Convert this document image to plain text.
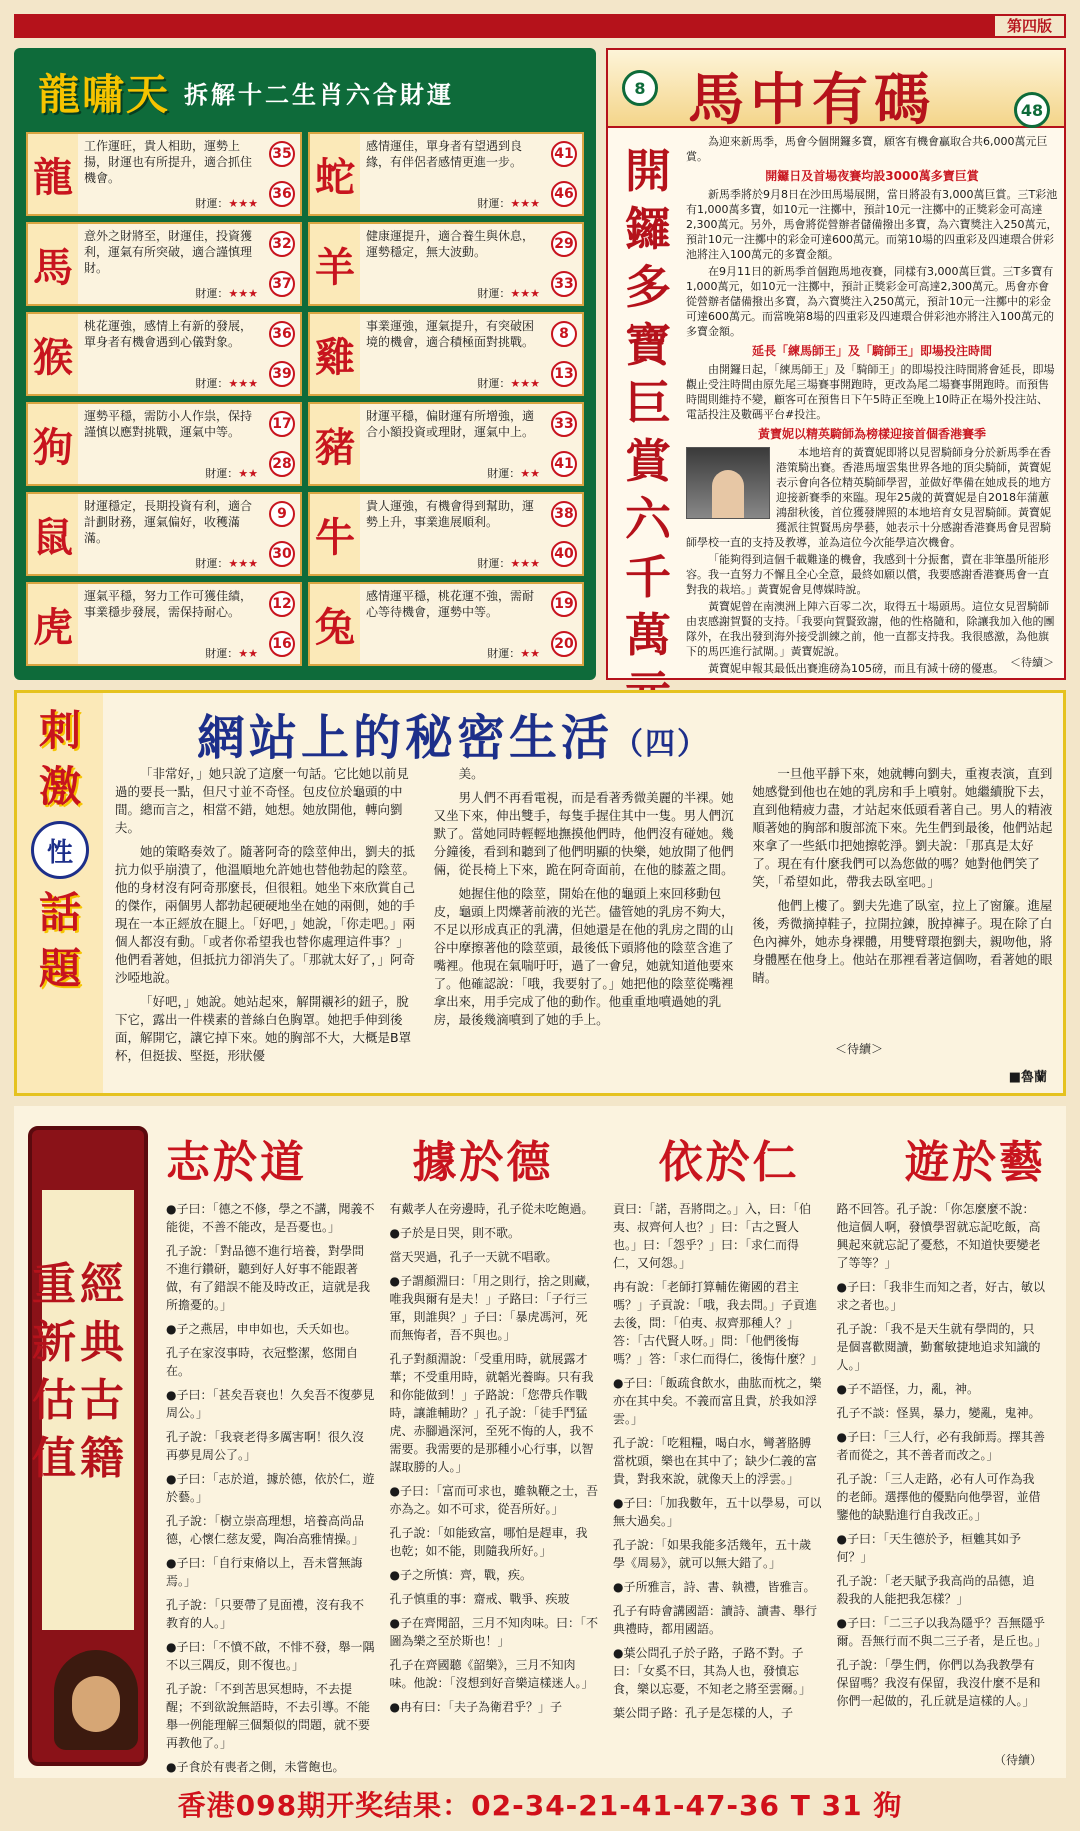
第四版
龍嘯天 拆解十二生肖六合財運
龍
工作運旺，貴人相助，運勢上揚，財運也有所提升，適合抓住機會。
財運：★★★
35
36 蛇
感情運佳，單身者有望遇到良緣，有伴侶者感情更進一步。
財運：★★★
41
46
馬
意外之財將至，財運佳，投資獲利，運氣有所突破，適合謹慎理財。
財運：★★★
32
37 羊
健康運提升，適合養生與休息，運勢穩定，無大波動。
財運：★★★
29
33
猴
桃花運強，感情上有新的發展，單身者有機會遇到心儀對象。
財運：★★★
36
39 雞
事業運強，運氣提升，有突破困境的機會，適合積極面對挑戰。
財運：★★★
8
13
狗
運勢平穩，需防小人作祟，保持謹慎以應對挑戰，運氣中等。
財運：★★
17
28 豬
財運平穩，偏財運有所增強，適合小額投資或理財，運氣中上。
財運：★★
33
41
鼠
財運穩定，長期投資有利，適合計劃財務，運氣偏好，收穫滿滿。
財運：★★★
9
30 牛
貴人運強，有機會得到幫助，運勢上升，事業進展順利。
財運：★★★
38
40
虎
運氣平穩，努力工作可獲佳績，事業穩步發展，需保持耐心。
財運：★★
12
16 兔
感情運平穩，桃花運不強，需耐心等待機會，運勢中等。
財運：★★
19
20
8 馬中有碼	48
開鑼多寶巨賞六千萬

為迎來新馬季，馬會今個開鑼多寶，願客有機會贏取合共6,000萬元巨賞。

開鑼日及首場夜賽均設3000萬多寶巨賞

新馬季將於9月8日在沙田馬場展開，當日將設有3,000萬巨賞。三T彩池有1,000萬多寶，如10元一注擲中，預計10元一注擲中的正獎彩金可高達2,300萬元。另外，馬會將從營辦者儲備撥出多寶，為六寶獎注入250萬元，預計10元一注擲中的彩金可達600萬元。而第10場的四重彩及四連環合併彩池將注入100萬元的多寶金額。

在9月11日的新馬季首個跑馬地夜賽，同樣有3,000萬巨賞。三T多寶有1,000萬元，如10元一注擲中，預計正獎彩金可高達2,300萬元。馬會亦會從營辦者儲備撥出多寶，為六寶獎注入250萬元，預計10元一注擲中的彩金可達600萬元。而當晚第8場的四重彩及四連環合併彩池亦將注入100萬元的多寶金額。

延長「練馬師王」及「騎師王」即場投注時間

由開鑼日起，「練馬師王」及「騎師王」的即場投注時間將會延長，即場觀止受注時間由原先尾三場賽事開跑時，更改為尾二場賽事開跑時。而預售時間則維持不變，顧客可在預售日下午5時正至晚上10時正在場外投注站、電話投注及數碼平台#投注。

黃寶妮以精英騎師為榜樣迎接首個香港賽季

本地培育的黃寶妮即將以見習騎師身分於新馬季在香港策騎出賽。香港馬壇雲集世界各地的頂尖騎師，黃寶妮表示會向各位精英騎師學習，並做好準備在她成長的地方迎接新賽季的來臨。現年25歲的黃寶妮是自2018年蒲蕙鴻甜秋後，首位獲發牌照的本地培育女見習騎師。黃寶妮獲派往賀賢馬房學藝，她表示十分感謝香港賽馬會見習騎師學校一直的支持及教導，並為這位今次能學這次機會。

「能夠得到這個千載難逢的機會，我感到十分振奮，賣在非筆墨所能形容。我一直努力不懈且全心全意，最終如願以償，我要感謝香港賽馬會一直對我的栽培。」黃寶妮會見傳媒時說。

黃寶妮曾在南澳洲上陣六百零二次，取得五十場頭馬。這位女見習騎師由衷感謝賀賢的支持。「我要向賀賢致謝，他的性格隨和，除讓我加入他的團隊外，在我出發到海外接受訓練之前，他一直都支持我。我很感激，為他旗下的馬匹進行試閘。」黃寶妮說。

黃寶妮申報其最低出賽進磅為105磅，而且有減十磅的優惠。 ＜待續＞
刺
激
性
話
題
網站上的秘密生活（四）

「非常好，」她只說了這麼一句話。它比她以前見過的要長一點，但尺寸並不奇怪。包皮位於龜頭的中間。總而言之，相當不錯，她想。她放開他，轉向劉夫。

她的策略奏效了。隨著阿奇的陰莖伸出，劉夫的抵抗力似乎崩潰了，他溫順地允許她也替他勃起的陰莖。他的身材沒有阿奇那麼長，但很粗。她坐下來欣賞自己的傑作，兩個男人都勃起硬硬地坐在她的兩側，她的手現在一本正經放在腿上。「好吧，」她說，「你走吧。」兩個人都沒有動。「或者你希望我也替你處理這件事？」他們看著她，但抵抗力卻消失了。「那就太好了，」阿奇沙啞地說。

「好吧，」她說。她站起來，解開襯衫的鈕子，脫下它，露出一件樸素的普絲白色胸罩。她把手伸到後面，解開它，讓它掉下來。她的胸部不大，大概是B罩杯，但挺拔、堅挺，形狀優

美。

男人們不再看電視，而是看著秀微美麗的半裸。她又坐下來，伸出雙手，每隻手握住其中一隻。男人們沉默了。當她同時輕輕地撫摸他們時，他們沒有碰她。幾分鐘後，看到和聽到了他們明顯的快樂，她放開了他們倆，從長椅上下來，跪在阿奇面前，在他的膝蓋之間。

她握住他的陰莖，開始在他的龜頭上來回移動包皮，龜頭上閃爍著前液的光芒。儘管她的乳房不夠大，不足以形成真正的乳溝，但她還是在他的乳房之間的山谷中摩擦著他的陰莖頭，最後低下頭將他的陰莖含進了嘴裡。他現在氣喘吁吁，過了一會兒，她就知道他要來了。他確認說：「哦，我要射了。」她把他的陰莖從嘴裡拿出來，用手完成了他的動作。他重重地噴過她的乳房，最後幾滴噴到了她的手上。

一旦他平靜下來，她就轉向劉夫，重複表演，直到她感覺到他也在她的乳房和手上噴射。她繼續脫下去，直到他精疲力盡，才站起來低頭看著自己。男人的精液順著她的胸部和腹部流下來。先生們到最後，他們站起來拿了一些紙巾把她擦乾淨。劉夫說：「那真是太好了。現在有什麼我們可以為您做的嗎？她對他們笑了笑，「希望如此，帶我去臥室吧。」

他們上樓了。劉夫先進了臥室，拉上了窗簾。進屋後，秀微摘掉鞋子，拉開拉鍊，脫掉褲子。現在除了白色內褲外，她赤身裸體，用雙臂環抱劉夫，親吻他，將身體壓在他身上。他站在那裡看著這個吻，看著她的眼睛。

＜待續＞
■魯蘭
經
典
古
籍
重
新
估
值
志於道 據於德 依於仁 遊於藝

●子曰：「德之不修，學之不講，聞義不能徙，不善不能改，是吾憂也。」

孔子說：「對品德不進行培養，對學問不進行鑽研，聽到好人好事不能跟著做，有了錯誤不能及時改正，這就是我所擔憂的。」

●子之燕居，申申如也，夭夭如也。

孔子在家沒事時，衣冠整潔，悠閒自在。

●子曰：「甚矣吾衰也！久矣吾不復夢見周公。」

孔子說：「我衰老得多厲害啊！很久沒再夢見周公了。」

●子曰：「志於道，據於德，依於仁，遊於藝。」

孔子說：「樹立崇高理想，培養高尚品德，心懷仁慈友愛，陶冶高雅情操。」

●子曰：「自行束脩以上，吾未嘗無誨焉。」

孔子說：「只要帶了見面禮，沒有我不教育的人。」

●子曰：「不憤不啟，不悱不發，舉一隅不以三隅反，則不復也。」

孔子說：「不到苦思冥想時，不去提醒；不到欲說無語時，不去引導。不能舉一例能理解三個類似的問題，就不要再教他了。」

●子食於有喪者之側，未嘗飽也。

有戴孝人在旁邊時，孔子從未吃飽過。

●子於是日哭，則不歌。

當天哭過，孔子一天就不唱歌。

●子謂顏淵曰：「用之則行，捨之則藏，唯我與爾有是夫！」子路曰：「子行三軍，則誰與？」子曰：「暴虎馮河，死而無悔者，吾不與也。」

孔子對顏淵說：「受重用時，就展露才華；不受重用時，就韜光養晦。只有我和你能做到！」子路說：「您帶兵作戰時，讓誰輔助？」孔子說：「徒手鬥猛虎、赤腳過深河，至死不悔的人，我不需要。我需要的是那種小心行事，以智謀取勝的人。」

●子曰：「富而可求也，雖執鞭之士，吾亦為之。如不可求，從吾所好。」

孔子說：「如能致富，哪怕是趕車，我也乾；如不能，則隨我所好。」

●子之所慎：齊，戰，疾。

孔子慎重的事：齋戒、戰爭、疾玻

●子在齊聞韶，三月不知肉味。曰：「不圖為樂之至於斯也！」

孔子在齊國聽《韶樂》，三月不知肉味。他說：「沒想到好音樂這樣迷人。」

●冉有曰：「夫子為衛君乎？」子

貢曰：「諾，吾將問之。」入，曰：「伯夷、叔齊何人也？」曰：「古之賢人也。」曰：「怨乎？」曰：「求仁而得仁，又何怨。」

冉有說：「老師打算輔佐衛國的君主嗎？」子貢說：「哦，我去問。」子貢進去後，問：「伯夷、叔齊那種人？」答：「古代賢人呀。」問：「他們後悔嗎？」答：「求仁而得仁，後悔什麼？」

●子曰：「飯疏食飲水，曲肱而枕之，樂亦在其中矣。不義而富且貴，於我如浮雲。」

孔子說：「吃粗糧，喝白水，彎著胳膊當枕頭，樂也在其中了；缺少仁義的富貴，對我來說，就像天上的浮雲。」

●子曰：「加我數年，五十以學易，可以無大過矣。」

孔子說：「如果我能多活幾年，五十歲學《周易》，就可以無大錯了。」

●子所雅言，詩、書、執禮，皆雅言。

孔子有時會講國語：讀詩、讀書、舉行典禮時，都用國語。

●葉公問孔子於子路，子路不對。子曰：「女奚不曰，其為人也，發憤忘食，樂以忘憂，不知老之將至雲爾。」

葉公問子路：孔子是怎樣的人，子

路不回答。孔子說：「你怎麼麼不說：他這個人啊，發憤學習就忘記吃飯，高興起來就忘記了憂愁，不知道快要變老了等等？」

●子曰：「我非生而知之者，好古，敏以求之者也。」

孔子說：「我不是天生就有學問的，只是個喜歡閱讀，勤奮敏捷地追求知識的人。」

●子不語怪，力，亂，神。

孔子不談：怪異，暴力，變亂，鬼神。

●子曰：「三人行，必有我師焉。擇其善者而從之，其不善者而改之。」

孔子說：「三人走路，必有人可作為我的老師。選擇他的優點向他學習，並借鑒他的缺點進行自我改正。」

●子曰：「天生德於予，桓魋其如予何？」

孔子說：「老天賦予我高尚的品德，追殺我的人能把我怎樣？」

●子曰：「二三子以我為隱乎？吾無隱乎爾。吾無行而不與二三子者，是丘也。」

孔子說：「學生們，你們以為我教學有保留嗎？我沒有保留，我沒什麼不是和你們一起做的，孔丘就是這樣的人。」

（待續）
香港098期开奖结果：02-34-21-41-47-36 T 31 狗
